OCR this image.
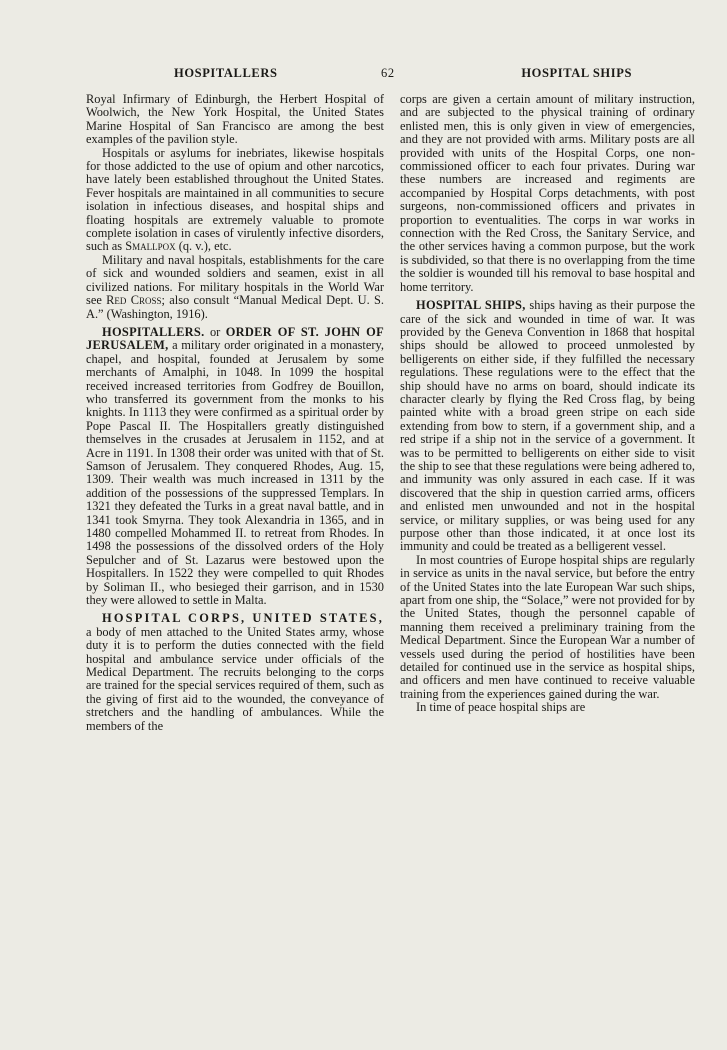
HOSPITALLERS	62	HOSPITAL SHIPS

Royal Infirmary of Edinburgh, the Herbert Hospital of Woolwich, the New York Hospital, the United States Marine Hospital of San Francisco are among the best examples of the pavilion style.

Hospitals or asylums for inebriates, likewise hospitals for those addicted to the use of opium and other narcotics, have lately been established throughout the United States. Fever hospitals are maintained in all communities to secure isolation in infectious diseases, and hospital ships and floating hospitals are extremely valuable to promote complete isolation in cases of virulently infective disorders, such as Smallpox (q. v.), etc.

Military and naval hospitals, establishments for the care of sick and wounded soldiers and seamen, exist in all civilized nations. For military hospitals in the World War see Red Cross; also consult “Manual Medical Dept. U. S. A.” (Washington, 1916).

HOSPITALLERS. or ORDER OF ST. JOHN OF JERUSALEM, a military order originated in a monastery, chapel, and hospital, founded at Jerusalem by some merchants of Amalphi, in 1048. In 1099 the hospital received increased territories from Godfrey de Bouillon, who transferred its government from the monks to his knights. In 1113 they were confirmed as a spiritual order by Pope Pascal II. The Hospitallers greatly distinguished themselves in the crusades at Jerusalem in 1152, and at Acre in 1191. In 1308 their order was united with that of St. Samson of Jerusalem. They conquered Rhodes, Aug. 15, 1309. Their wealth was much increased in 1311 by the addition of the possessions of the suppressed Templars. In 1321 they defeated the Turks in a great naval battle, and in 1341 took Smyrna. They took Alexandria in 1365, and in 1480 compelled Mohammed II. to retreat from Rhodes. In 1498 the possessions of the dissolved orders of the Holy Sepulcher and of St. Lazarus were bestowed upon the Hospitallers. In 1522 they were compelled to quit Rhodes by Soliman II., who besieged their garrison, and in 1530 they were allowed to settle in Malta.

HOSPITAL CORPS, UNITED STATES, a body of men attached to the United States army, whose duty it is to perform the duties connected with the field hospital and ambulance service under officials of the Medical Department. The recruits belonging to the corps are trained for the special services required of them, such as the giving of first aid to the wounded, the conveyance of stretchers and the handling of ambulances. While the members of the

corps are given a certain amount of military instruction, and are subjected to the physical training of ordinary enlisted men, this is only given in view of emergencies, and they are not provided with arms. Military posts are all provided with units of the Hospital Corps, one non-commissioned officer to each four privates. During war these numbers are increased and regiments are accompanied by Hospital Corps detachments, with post surgeons, non-commissioned officers and privates in proportion to eventualities. The corps in war works in connection with the Red Cross, the Sanitary Service, and the other services having a common purpose, but the work is subdivided, so that there is no overlapping from the time the soldier is wounded till his removal to base hospital and home territory.

HOSPITAL SHIPS, ships having as their purpose the care of the sick and wounded in time of war. It was provided by the Geneva Convention in 1868 that hospital ships should be allowed to proceed unmolested by belligerents on either side, if they fulfilled the necessary regulations. These regulations were to the effect that the ship should have no arms on board, should indicate its character clearly by flying the Red Cross flag, by being painted white with a broad green stripe on each side extending from bow to stern, if a government ship, and a red stripe if a ship not in the service of a government. It was to be permitted to belligerents on either side to visit the ship to see that these regulations were being adhered to, and immunity was only assured in each case. If it was discovered that the ship in question carried arms, officers and enlisted men unwounded and not in the hospital service, or military supplies, or was being used for any purpose other than those indicated, it at once lost its immunity and could be treated as a belligerent vessel.

In most countries of Europe hospital ships are regularly in service as units in the naval service, but before the entry of the United States into the late European War such ships, apart from one ship, the “Solace,” were not provided for by the United States, though the personnel capable of manning them received a preliminary training from the Medical Department. Since the European War a number of vessels used during the period of hostilities have been detailed for continued use in the service as hospital ships, and officers and men have continued to receive valuable training from the experiences gained during the war.

In time of peace hospital ships are
